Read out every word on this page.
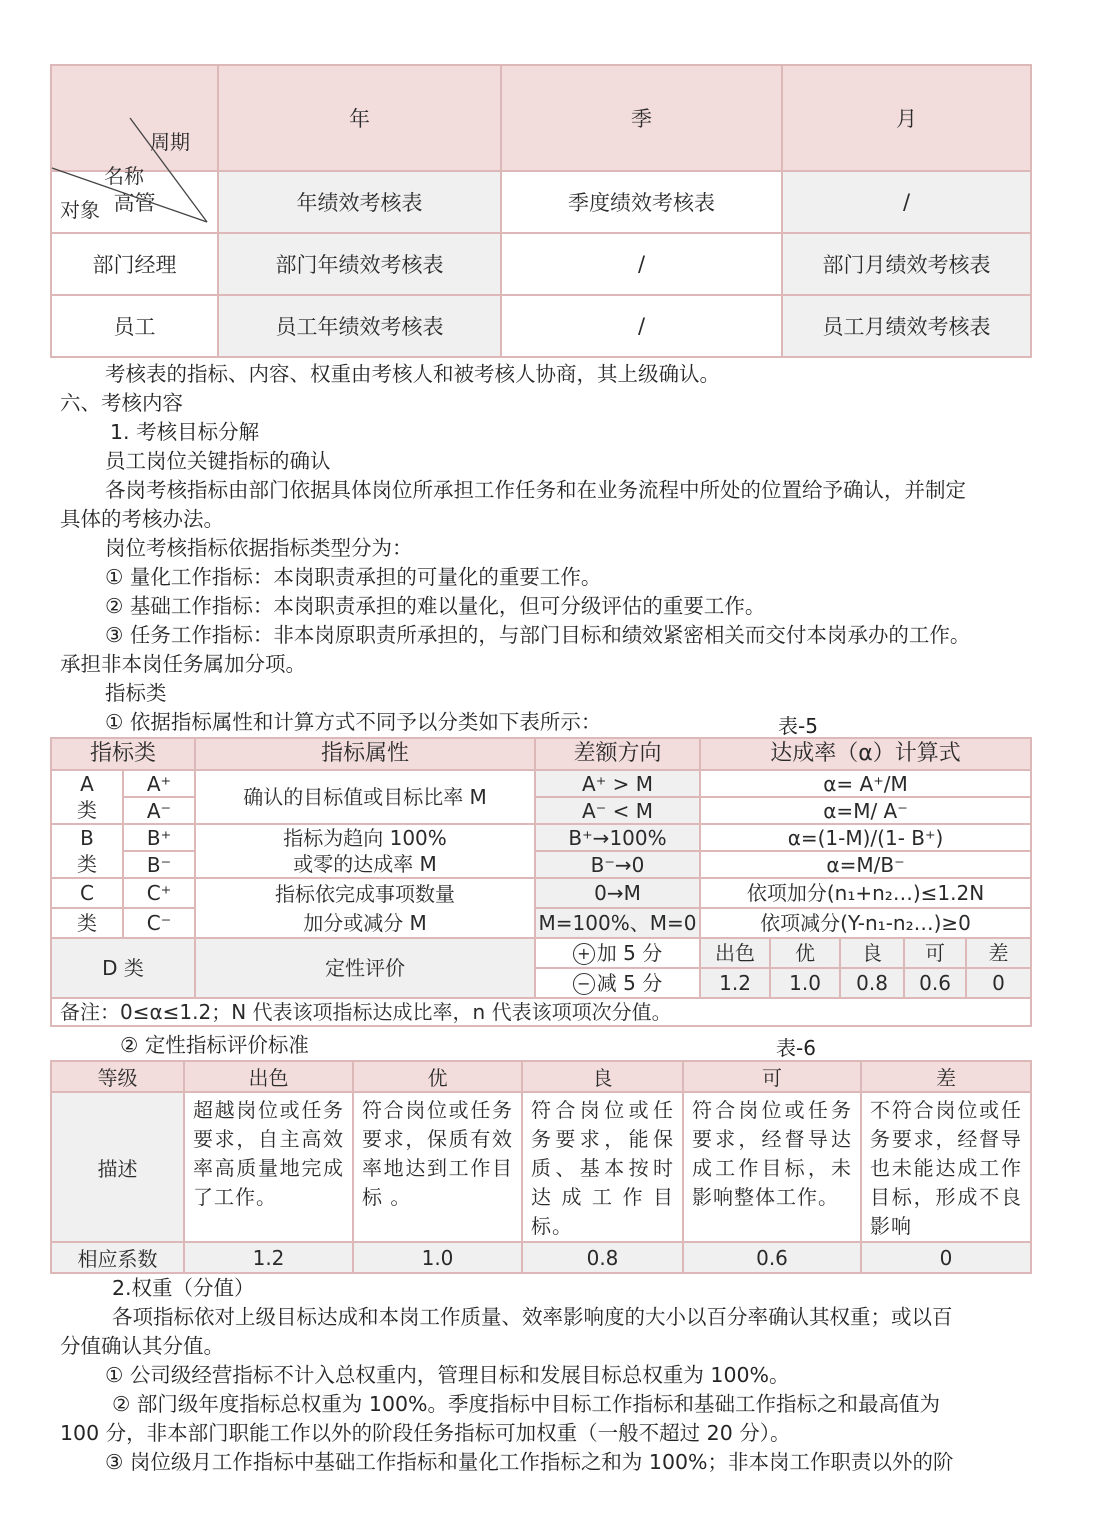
周期
名称
对象	年	季	月
高管	年绩效考核表	季度绩效考核表	/
部门经理	部门年绩效考核表	/	部门月绩效考核表
员工	员工年绩效考核表	/	员工月绩效考核表
考核表的指标、内容、权重由考核人和被考核人协商，其上级确认。
六、考核内容
1. 考核目标分解
员工岗位关键指标的确认
各岗考核指标由部门依据具体岗位所承担工作任务和在业务流程中所处的位置给予确认，并制定
具体的考核办法。
岗位考核指标依据指标类型分为：
① 量化工作指标：本岗职责承担的可量化的重要工作。
② 基础工作指标：本岗职责承担的难以量化，但可分级评估的重要工作。
③ 任务工作指标：非本岗原职责所承担的，与部门目标和绩效紧密相关而交付本岗承办的工作。
承担非本岗任务属加分项。
指标类
① 依据指标属性和计算方式不同予以分类如下表所示：	表-5
指标类		指标属性	差额方向	达成率（α）计算式				
A类	A⁺	确认的目标值或目标比率 M	A⁺ > M	α= A⁺/M				
	A⁻		A⁻ < M	α=M/ A⁻				
B类	B⁺	指标为趋向 100%
或零的达成率 M	B⁺→100%	α=(1-M)/(1- B⁺)				
	B⁻		B⁻→0	α=M/B⁻				
C	C⁺	指标依完成事项数量	0→M	依项加分(n₁+n₂…)≤1.2N				
类	C⁻	加分或减分 M	M=100%、M=0	依项减分(Y-n₁-n₂…)≥0				
D 类		定性评价	+ 加 5 分	出色	优	良	可	差
			− 减 5 分	1.2	1.0	0.8	0.6	0
备注：0≤α≤1.2；N 代表该项指标达成比率，n 代表该项项次分值。								
② 定性指标评价标准	表-6
等级	出色	优	良	可	差
描述	超越岗位或任务要求，自主高效率高质量地完成了工作。	符合岗位或任务要求，保质有效率地达到工作目标 。	符合岗位或任务要求，能保质、基本按时达成工作目标。	符合岗位或任务要求，经督导达成工作目标，未影响整体工作。	不符合岗位或任务要求，经督导也未能达成工作目标，形成不良影响
相应系数	1.2	1.0	0.8	0.6	0
2.权重（分值）
各项指标依对上级目标达成和本岗工作质量、效率影响度的大小以百分率确认其权重；或以百
分值确认其分值。
① 公司级经营指标不计入总权重内，管理目标和发展目标总权重为 100%。
② 部门级年度指标总权重为 100%。季度指标中目标工作指标和基础工作指标之和最高值为
100 分，非本部门职能工作以外的阶段任务指标可加权重（一般不超过 20 分）。
③ 岗位级月工作指标中基础工作指标和量化工作指标之和为 100%；非本岗工作职责以外的阶
